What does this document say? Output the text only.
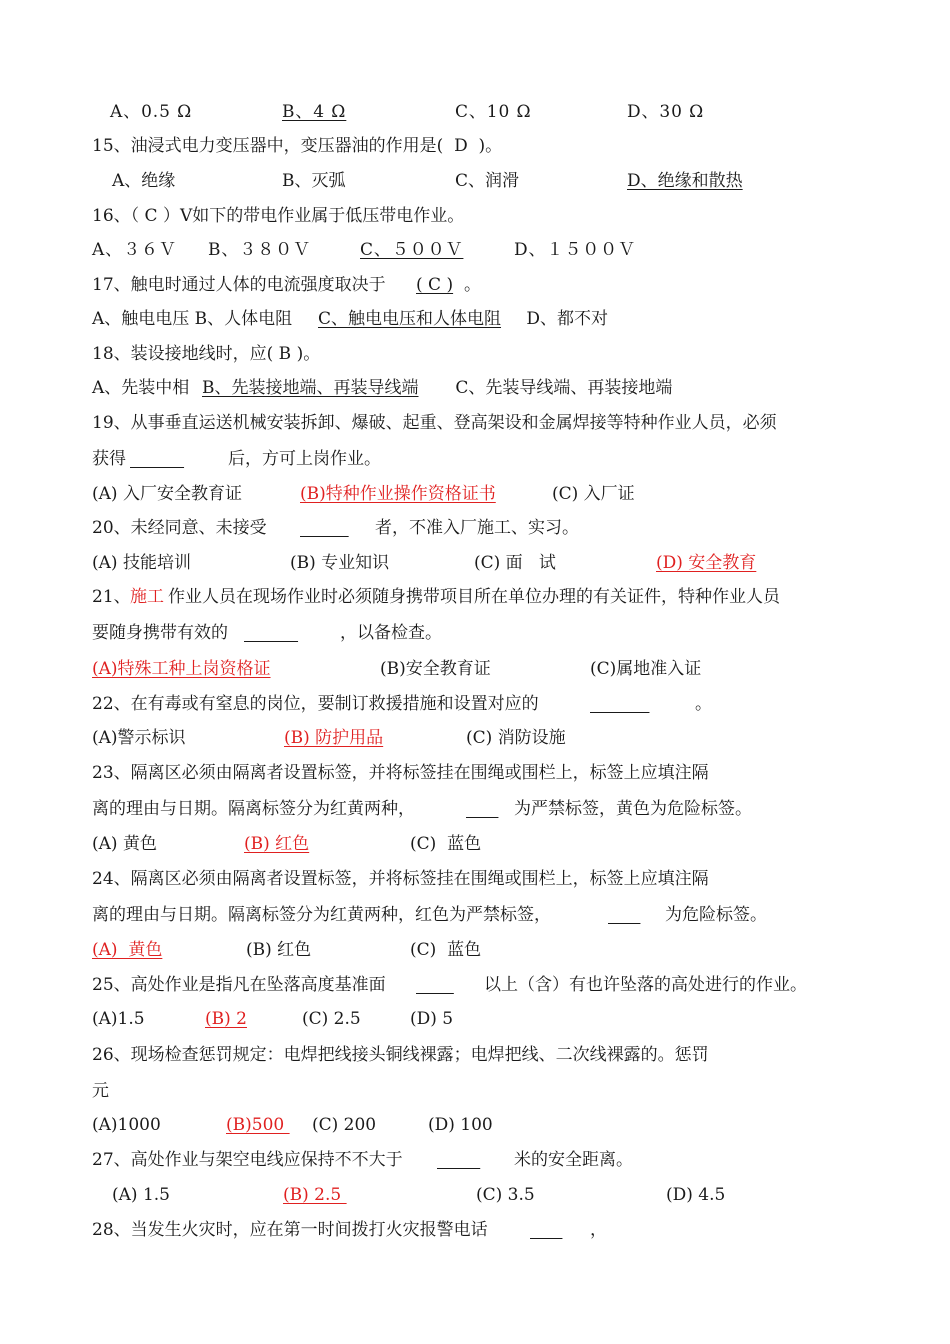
A、0.5 Ω	B、4 Ω	C、10 Ω	D、30 Ω
15、油浸式电力变压器中，变压器油的作用是(  D  )。
A、绝缘	B、灭弧	C、润滑	D、绝缘和散热
16、（ C ）V如下的带电作业属于低压带电作业。
A、３６Ｖ B、３８０Ｖ	C、５００Ｖ	D、１５００Ｖ
17、触电时通过人体的电流强度取决于 ( C ) 。
A、触电电压 B、人体电阻 C、触电电压和人体电阻 D、都不对
18、装设接地线时，应( B )。
A、先装中相 B、先装接地端、再装导线端 C、先装导线端、再装接地端
19、从事垂直运送机械安装拆卸、爆破、起重、登高架设和金属焊接等特种作业人员，必须
获得
	后，方可上岗作业。
(A) 入厂安全教育证	(B)特种作业操作资格证书	(C) 入厂证
20、未经同意、未接受
	者，不准入厂施工、实习。
(A) 技能培训	(B) 专业知识	(C) 面   试	(D) 安全教育
21、 施工 作业人员在现场作业时必须随身携带项目所在单位办理的有关证件，特种作业人员
要随身携带有效的
	，以备检查。
(A)特殊工种上岗资格证	(B)安全教育证	(C)属地准入证
22、在有毒或有窒息的岗位，要制订救援措施和设置对应的
	。
(A)警示标识	(B) 防护用品	(C) 消防设施
23、隔离区必须由隔离者设置标签，并将标签挂在围绳或围栏上，标签上应填注隔
离的理由与日期。隔离标签分为红黄两种，
	为严禁标签，黄色为危险标签。
(A) 黄色	(B) 红色	(C)  蓝色
24、隔离区必须由隔离者设置标签，并将标签挂在围绳或围栏上，标签上应填注隔
离的理由与日期。隔离标签分为红黄两种，红色为严禁标签，
	为危险标签。
(A)  黄色	(B) 红色	(C)  蓝色
25、高处作业是指凡在坠落高度基准面
	以上（含）有也许坠落的高处进行的作业。
(A)1.5	(B) 2	(C) 2.5	(D) 5
26、现场检查惩罚规定：电焊把线接头铜线裸露；电焊把线、二次线裸露的。惩罚
元
(A)1000	(B)500 (C) 200	(D) 100
27、高处作业与架空电线应保持不不大于
	米的安全距离。
(A) 1.5	(B) 2.5	(C) 3.5	(D) 4.5
28、当发生火灾时，应在第一时间拨打火灾报警电话
	，
